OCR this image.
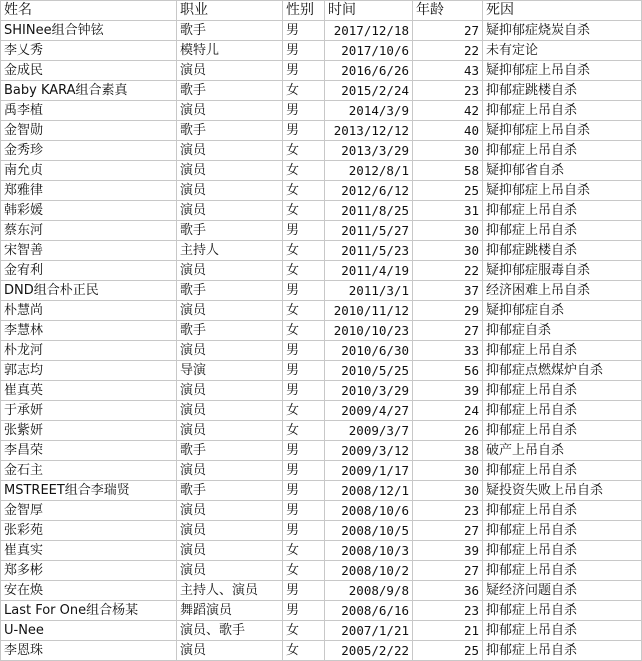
姓名	职业	性别	时间	年龄	死因
SHINee组合钟铉	歌手	男	2017/12/18	27	疑抑郁症烧炭自杀
李乂秀	模特儿	男	2017/10/6	22	未有定论
金成民	演员	男	2016/6/26	43	疑抑郁症上吊自杀
Baby KARA组合素真	歌手	女	2015/2/24	23	抑郁症跳楼自杀
禹李植	演员	男	2014/3/9	42	抑郁症上吊自杀
金智勋	歌手	男	2013/12/12	40	疑抑郁症上吊自杀
金秀珍	演员	女	2013/3/29	30	抑郁症上吊自杀
南允贞	演员	女	2012/8/1	58	疑抑郁省自杀
郑雅律	演员	女	2012/6/12	25	疑抑郁症上吊自杀
韩彩媛	演员	女	2011/8/25	31	抑郁症上吊自杀
蔡东河	歌手	男	2011/5/27	30	抑郁症上吊自杀
宋智善	主持人	女	2011/5/23	30	抑郁症跳楼自杀
金宥利	演员	女	2011/4/19	22	疑抑郁症服毒自杀
DND组合朴正民	歌手	男	2011/3/1	37	经济困难上吊自杀
朴慧尚	演员	女	2010/11/12	29	疑抑郁症自杀
李慧林	歌手	女	2010/10/23	27	抑郁症自杀
朴龙河	演员	男	2010/6/30	33	抑郁症上吊自杀
郭志均	导演	男	2010/5/25	56	抑郁症点燃煤炉自杀
崔真英	演员	男	2010/3/29	39	抑郁症上吊自杀
于承妍	演员	女	2009/4/27	24	抑郁症上吊自杀
张紫妍	演员	女	2009/3/7	26	抑郁症上吊自杀
李昌荣	歌手	男	2009/3/12	38	破产上吊自杀
金石主	演员	男	2009/1/17	30	抑郁症上吊自杀
MSTREET组合李瑞贤	歌手	男	2008/12/1	30	疑投资失败上吊自杀
金智厚	演员	男	2008/10/6	23	抑郁症上吊自杀
张彩苑	演员	男	2008/10/5	27	抑郁症上吊自杀
崔真实	演员	女	2008/10/3	39	抑郁症上吊自杀
郑多彬	演员	女	2008/10/2	27	抑郁症上吊自杀
安在焕	主持人、演员	男	2008/9/8	36	疑经济问题自杀
Last For One组合杨某	舞蹈演员	男	2008/6/16	23	抑郁症上吊自杀
U-Nee	演员、歌手	女	2007/1/21	21	抑郁症上吊自杀
李恩珠	演员	女	2005/2/22	25	抑郁症上吊自杀
